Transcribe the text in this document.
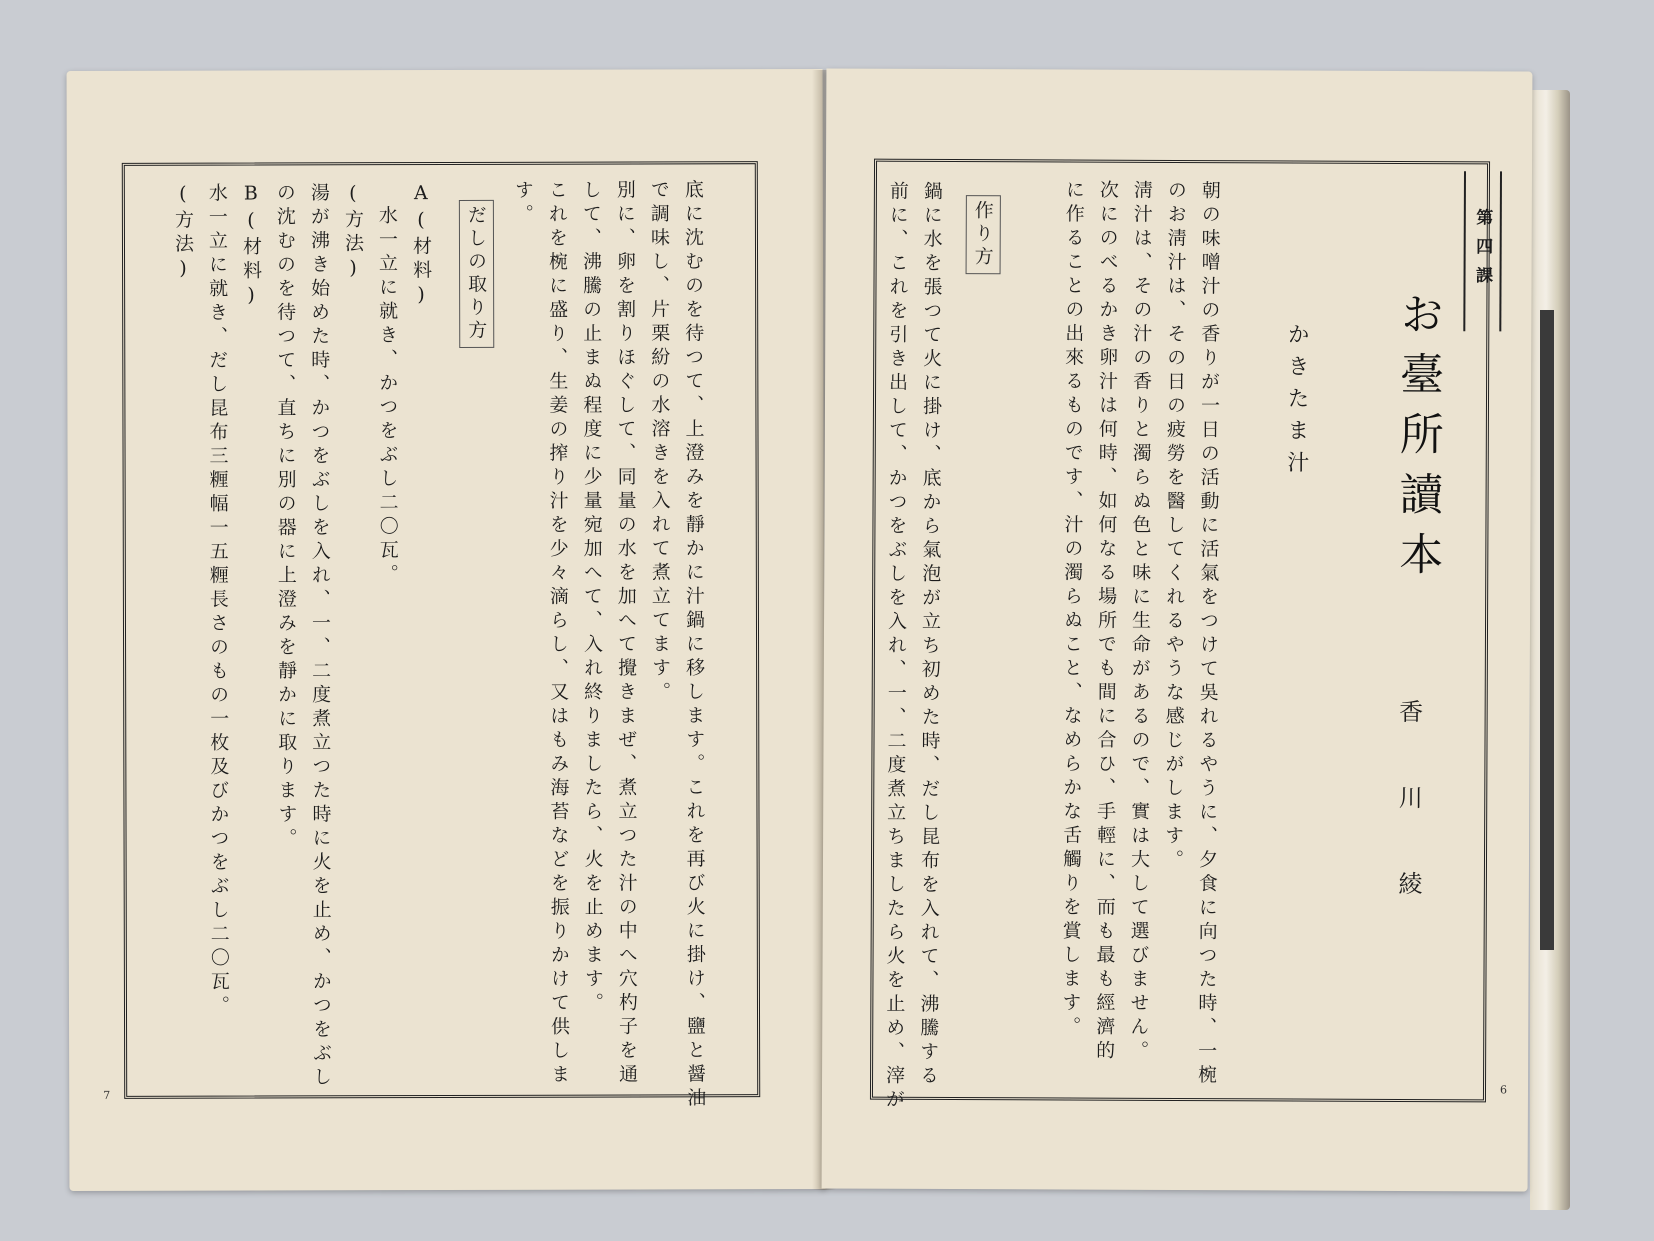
底に沈むのを待つて、上澄みを靜かに汁鍋に移します。これを再び火に掛け、鹽と醤油
で調味し、片栗紛の水溶きを入れて煮立てます。
別に、卵を割りほぐして、同量の水を加へて攪きまぜ、煮立つた汁の中へ穴杓子を通
して、沸騰の止まぬ程度に少量宛加へて、入れ終りましたら、火を止めます。
これを椀に盛り、生姜の搾り汁を少々滴らし、又はもみ海苔などを振りかけて供しま
す。
だしの取り方
A(材料)
水一立に就き、かつをぶし二〇瓦。
(方法)
湯が沸き始めた時、かつをぶしを入れ、一、二度煮立つた時に火を止め、かつをぶし
の沈むのを待つて、直ちに別の器に上澄みを靜かに取ります。
B(材料)
水一立に就き、だし昆布三糎幅一五糎長さのもの一枚及びかつをぶし二〇瓦。
(方法)
7
第四課
お臺所讀本
香川綾
かきたま汁
朝の味噌汁の香りが一日の活動に活氣をつけて吳れるやうに、夕食に向つた時、一椀
のお淸汁は、その日の疲勞を醫してくれるやうな感じがします。
淸汁は、その汁の香りと濁らぬ色と味に生命があるので、實は大して選びません。
次にのべるかき卵汁は何時、如何なる場所でも間に合ひ、手輕に、而も最も經濟的
に作ることの出來るものです、汁の濁らぬこと、なめらかな舌觸りを賞します。
作り方
鍋に水を張つて火に掛け、底から氣泡が立ち初めた時、だし昆布を入れて、沸騰する
前に、これを引き出して、かつをぶしを入れ、一、二度煮立ちましたら火を止め、滓が	6
